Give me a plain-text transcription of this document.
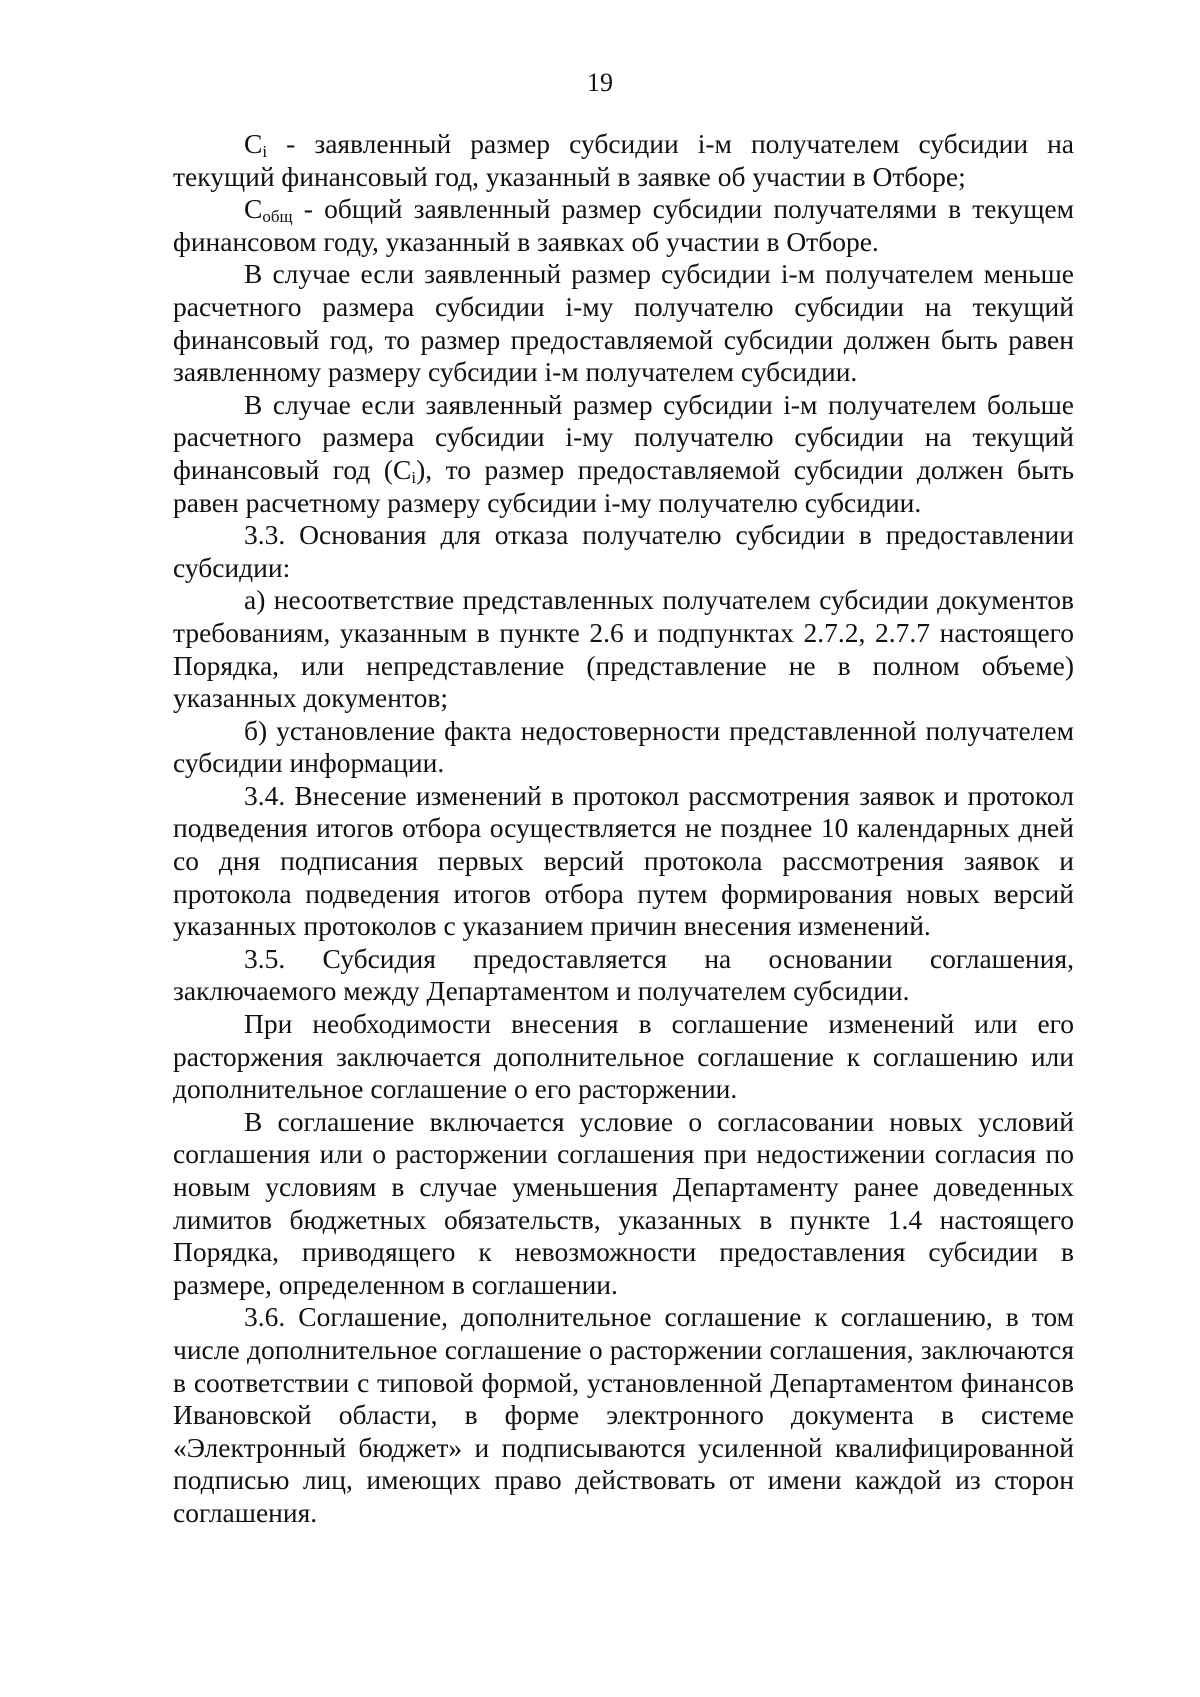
19

$C_i$ - заявленный размер субсидии i-м получателем субсидии на текущий финансовый год, указанный в заявке об участии в Отборе;

$C_{общ}$ - общий заявленный размер субсидии получателями в текущем финансовом году, указанный в заявках об участии в Отборе.

В случае если заявленный размер субсидии i-м получателем меньше расчетного размера субсидии i-му получателю субсидии на текущий финансовый год, то размер предоставляемой субсидии должен быть равен заявленному размеру субсидии i-м получателем субсидии.

В случае если заявленный размер субсидии i-м получателем больше расчетного размера субсидии i-му получателю субсидии на текущий финансовый год $(C_i)$, то размер предоставляемой субсидии должен быть равен расчетному размеру субсидии i-му получателю субсидии.

3.3. Основания для отказа получателю субсидии в предоставлении субсидии:

а) несоответствие представленных получателем субсидии документов требованиям, указанным в пункте 2.6 и подпунктах 2.7.2, 2.7.7 настоящего Порядка, или непредставление (представление не в полном объеме) указанных документов;

б) установление факта недостоверности представленной получателем субсидии информации.

3.4. Внесение изменений в протокол рассмотрения заявок и протокол подведения итогов отбора осуществляется не позднее 10 календарных дней со дня подписания первых версий протокола рассмотрения заявок и протокола подведения итогов отбора путем формирования новых версий указанных протоколов с указанием причин внесения изменений.

3.5. Субсидия предоставляется на основании соглашения, заключаемого между Департаментом и получателем субсидии.

При необходимости внесения в соглашение изменений или его расторжения заключается дополнительное соглашение к соглашению или дополнительное соглашение о его расторжении.

В соглашение включается условие о согласовании новых условий соглашения или о расторжении соглашения при недостижении согласия по новым условиям в случае уменьшения Департаменту ранее доведенных лимитов бюджетных обязательств, указанных в пункте 1.4 настоящего Порядка, приводящего к невозможности предоставления субсидии в размере, определенном в соглашении.

3.6. Соглашение, дополнительное соглашение к соглашению, в том числе дополнительное соглашение о расторжении соглашения, заключаются в соответствии с типовой формой, установленной Департаментом финансов Ивановской области, в форме электронного документа в системе «Электронный бюджет» и подписываются усиленной квалифицированной подписью лиц, имеющих право действовать от имени каждой из сторон соглашения.
